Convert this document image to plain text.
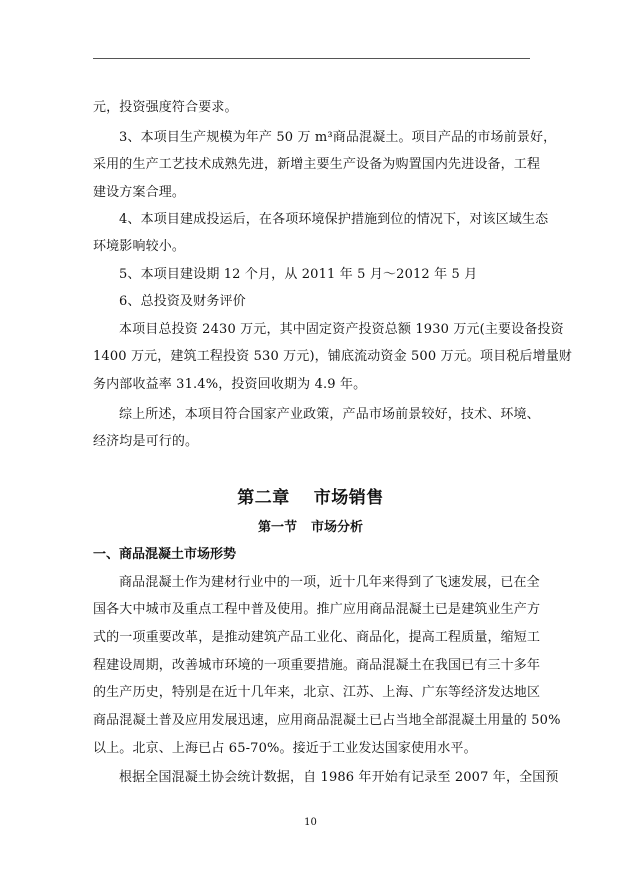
元，投资强度符合要求。
3、本项目生产规模为年产 50 万 m³商品混凝土。项目产品的市场前景好，
采用的生产工艺技术成熟先进，新增主要生产设备为购置国内先进设备，工程
建设方案合理。
4、本项目建成投运后，在各项环境保护措施到位的情况下，对该区域生态
环境影响较小。
5、本项目建设期 12 个月，从 2011 年 5 月～2012 年 5 月
6、总投资及财务评价
本项目总投资 2430 万元，其中固定资产投资总额 1930 万元(主要设备投资
1400 万元，建筑工程投资 530 万元)，铺底流动资金 500 万元。项目税后增量财
务内部收益率 31.4%，投资回收期为 4.9 年。
综上所述，本项目符合国家产业政策，产品市场前景较好，技术、环境、
经济均是可行的。
第二章 市场销售
第一节 市场分析
一、商品混凝土市场形势
商品混凝土作为建材行业中的一项，近十几年来得到了飞速发展，已在全
国各大中城市及重点工程中普及使用。推广应用商品混凝土已是建筑业生产方
式的一项重要改革，是推动建筑产品工业化、商品化，提高工程质量，缩短工
程建设周期，改善城市环境的一项重要措施。商品混凝土在我国已有三十多年
的生产历史，特别是在近十几年来，北京、江苏、上海、广东等经济发达地区
商品混凝土普及应用发展迅速，应用商品混凝土已占当地全部混凝土用量的 50%
以上。北京、上海已占 65-70%。接近于工业发达国家使用水平。
根据全国混凝土协会统计数据，自 1986 年开始有记录至 2007 年，全国预
10
